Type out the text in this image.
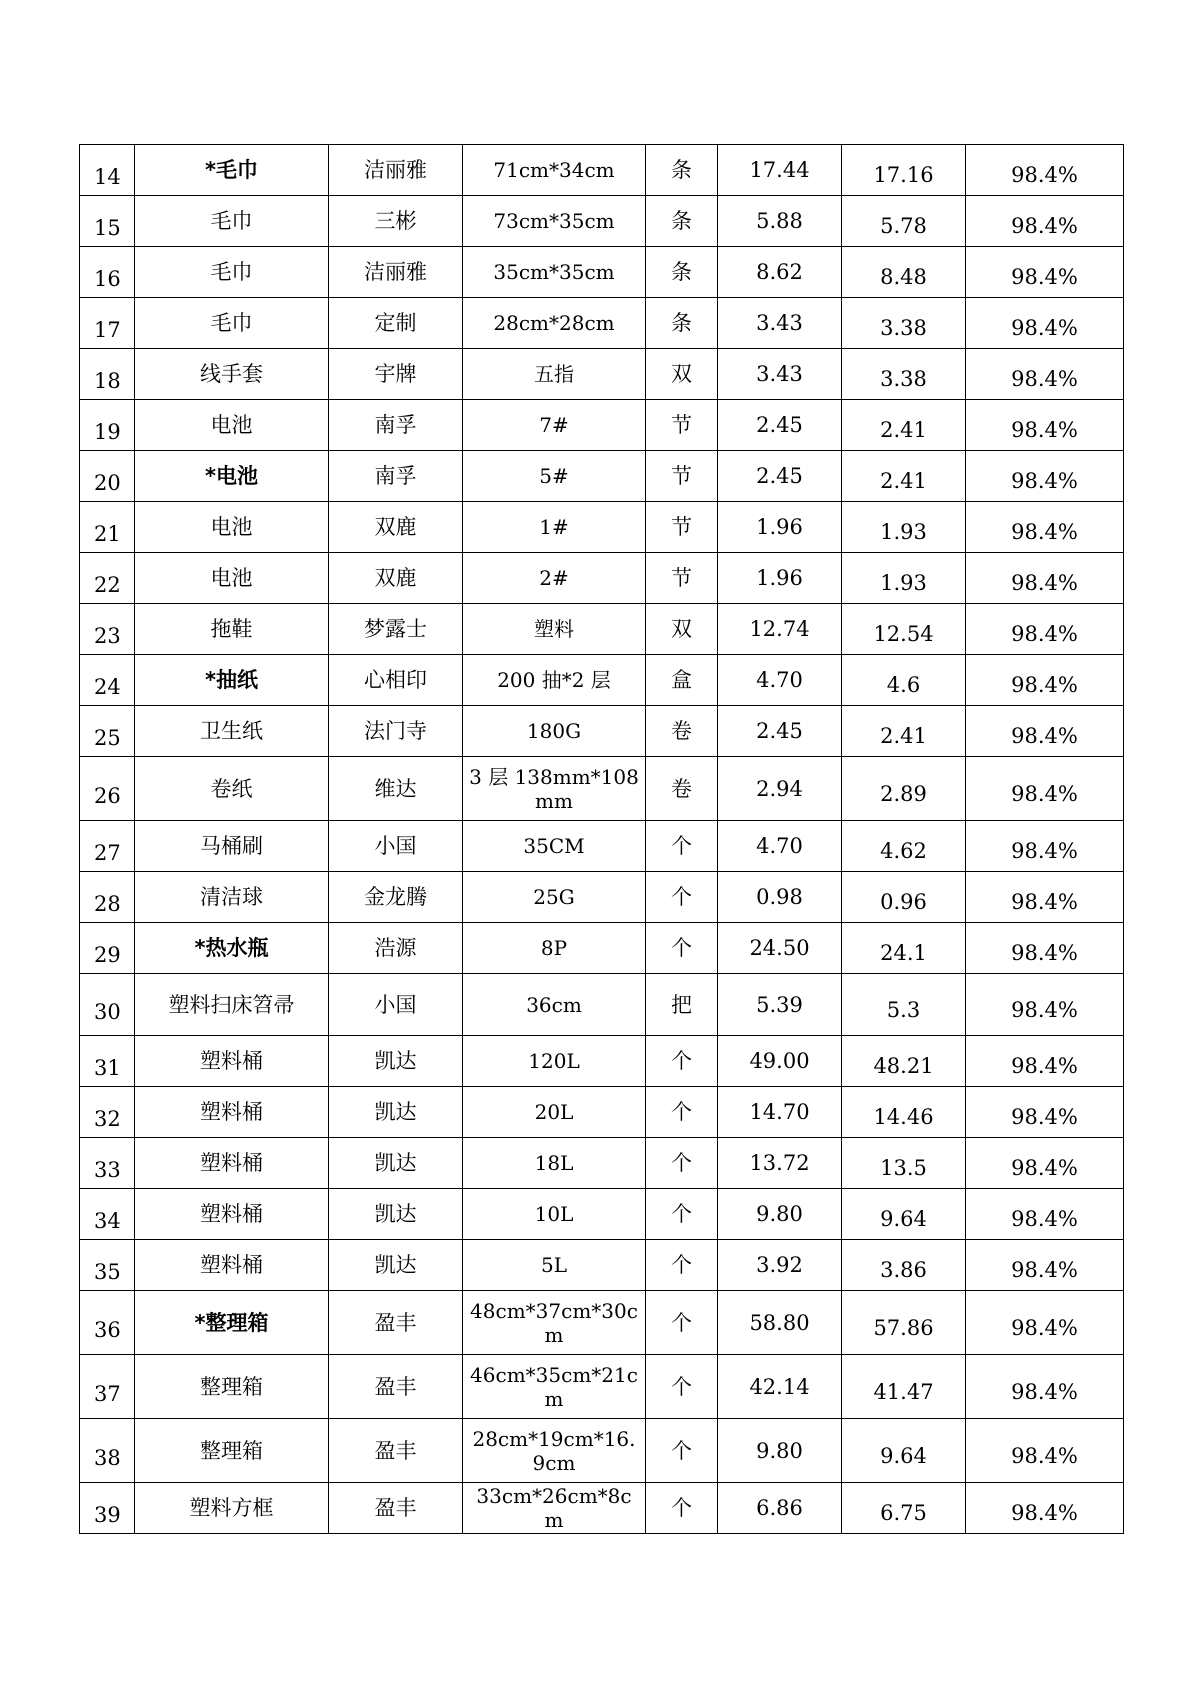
14	*毛巾	洁丽雅	71cm*34cm	条	17.44	17.16	98.4%
15	毛巾	三彬	73cm*35cm	条	5.88	5.78	98.4%
16	毛巾	洁丽雅	35cm*35cm	条	8.62	8.48	98.4%
17	毛巾	定制	28cm*28cm	条	3.43	3.38	98.4%
18	线手套	宇牌	五指	双	3.43	3.38	98.4%
19	电池	南孚	7#	节	2.45	2.41	98.4%
20	*电池	南孚	5#	节	2.45	2.41	98.4%
21	电池	双鹿	1#	节	1.96	1.93	98.4%
22	电池	双鹿	2#	节	1.96	1.93	98.4%
23	拖鞋	梦露士	塑料	双	12.74	12.54	98.4%
24	*抽纸	心相印	200 抽*2 层	盒	4.70	4.6	98.4%
25	卫生纸	法门寺	180G	卷	2.45	2.41	98.4%
26	卷纸	维达	3 层 138mm*108mm	卷	2.94	2.89	98.4%
27	马桶刷	小国	35CM	个	4.70	4.62	98.4%
28	清洁球	金龙腾	25G	个	0.98	0.96	98.4%
29	*热水瓶	浩源	8P	个	24.50	24.1	98.4%
30	塑料扫床笤帚	小国	36cm	把	5.39	5.3	98.4%
31	塑料桶	凯达	120L	个	49.00	48.21	98.4%
32	塑料桶	凯达	20L	个	14.70	14.46	98.4%
33	塑料桶	凯达	18L	个	13.72	13.5	98.4%
34	塑料桶	凯达	10L	个	9.80	9.64	98.4%
35	塑料桶	凯达	5L	个	3.92	3.86	98.4%
36	*整理箱	盈丰	48cm*37cm*30cm	个	58.80	57.86	98.4%
37	整理箱	盈丰	46cm*35cm*21cm	个	42.14	41.47	98.4%
38	整理箱	盈丰	28cm*19cm*16.9cm	个	9.80	9.64	98.4%
39	塑料方框	盈丰	33cm*26cm*8cm	个	6.86	6.75	98.4%
